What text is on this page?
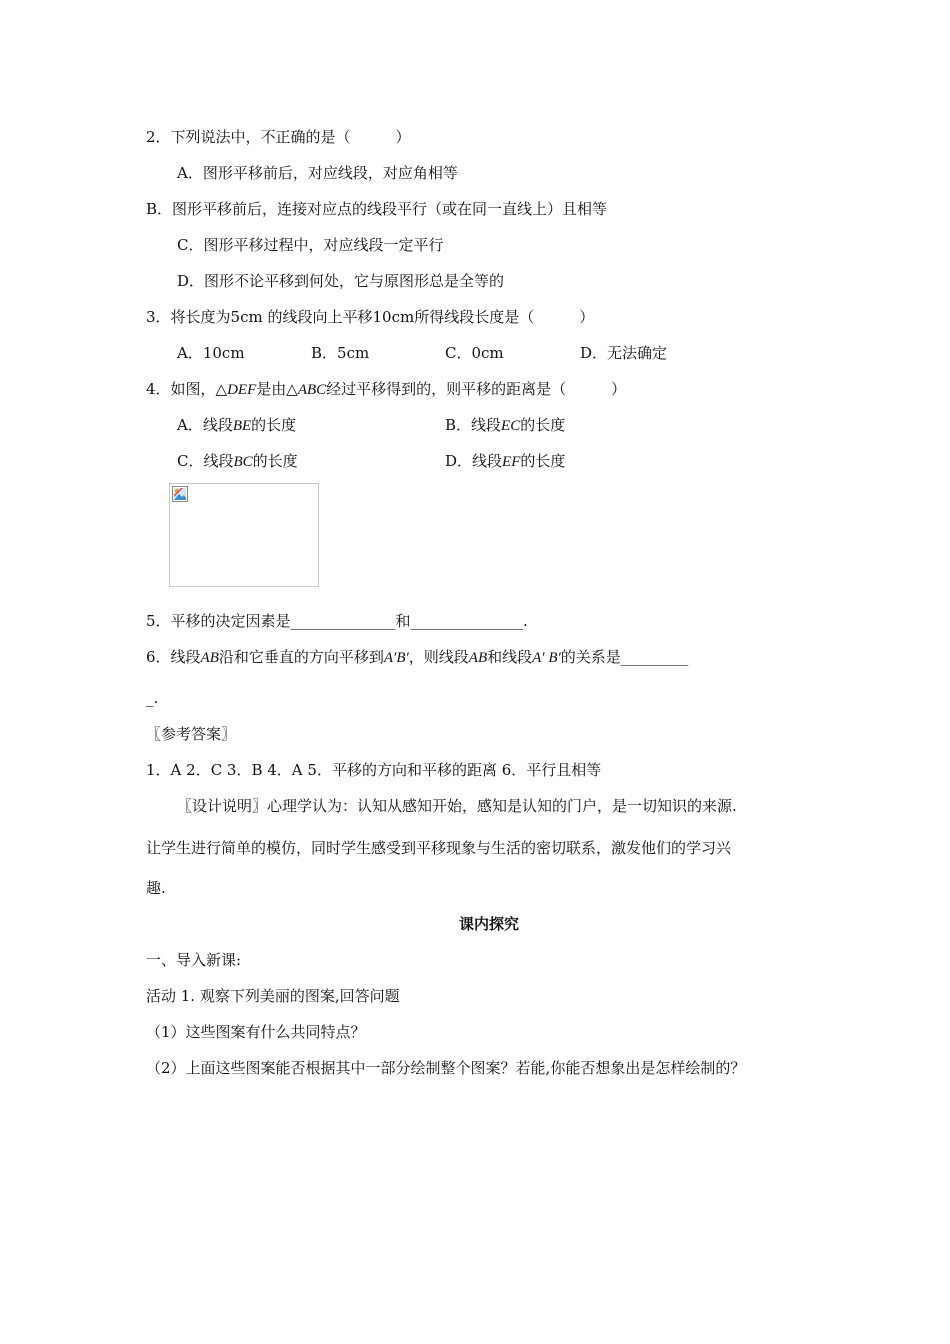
2．下列说法中，不正确的是（　　　）
A．图形平移前后，对应线段，对应角相等
B．图形平移前后，连接对应点的线段平行（或在同一直线上）且相等
C．图形平移过程中，对应线段一定平行
D．图形不论平移到何处，它与原图形总是全等的
3．将长度为5cm 的线段向上平移10cm所得线段长度是（　　　）
A．10cm	B．5cm	C．0cm	D．无法确定
4．如图，△DEF是由△ABC经过平移得到的，则平移的距离是（　　　）
A．线段BE的长度	B．线段EC的长度
C．线段BC的长度	D．线段EF的长度
5．平移的决定因素是______________和_______________.
6．线段AB沿和它垂直的方向平移到A′B′，则线段AB和线段A′ B′的关系是_________
_.
〖参考答案〗
1．A 2．C 3．B 4．A 5．平移的方向和平移的距离 6．平行且相等
〖设计说明〗心理学认为：认知从感知开始，感知是认知的门户，是一切知识的来源.
让学生进行简单的模仿，同时学生感受到平移现象与生活的密切联系，激发他们的学习兴
趣.
课内探究
一、导入新课:
活动 1. 观察下列美丽的图案,回答问题
（1）这些图案有什么共同特点？
（2）上面这些图案能否根据其中一部分绘制整个图案？若能,你能否想象出是怎样绘制的？
